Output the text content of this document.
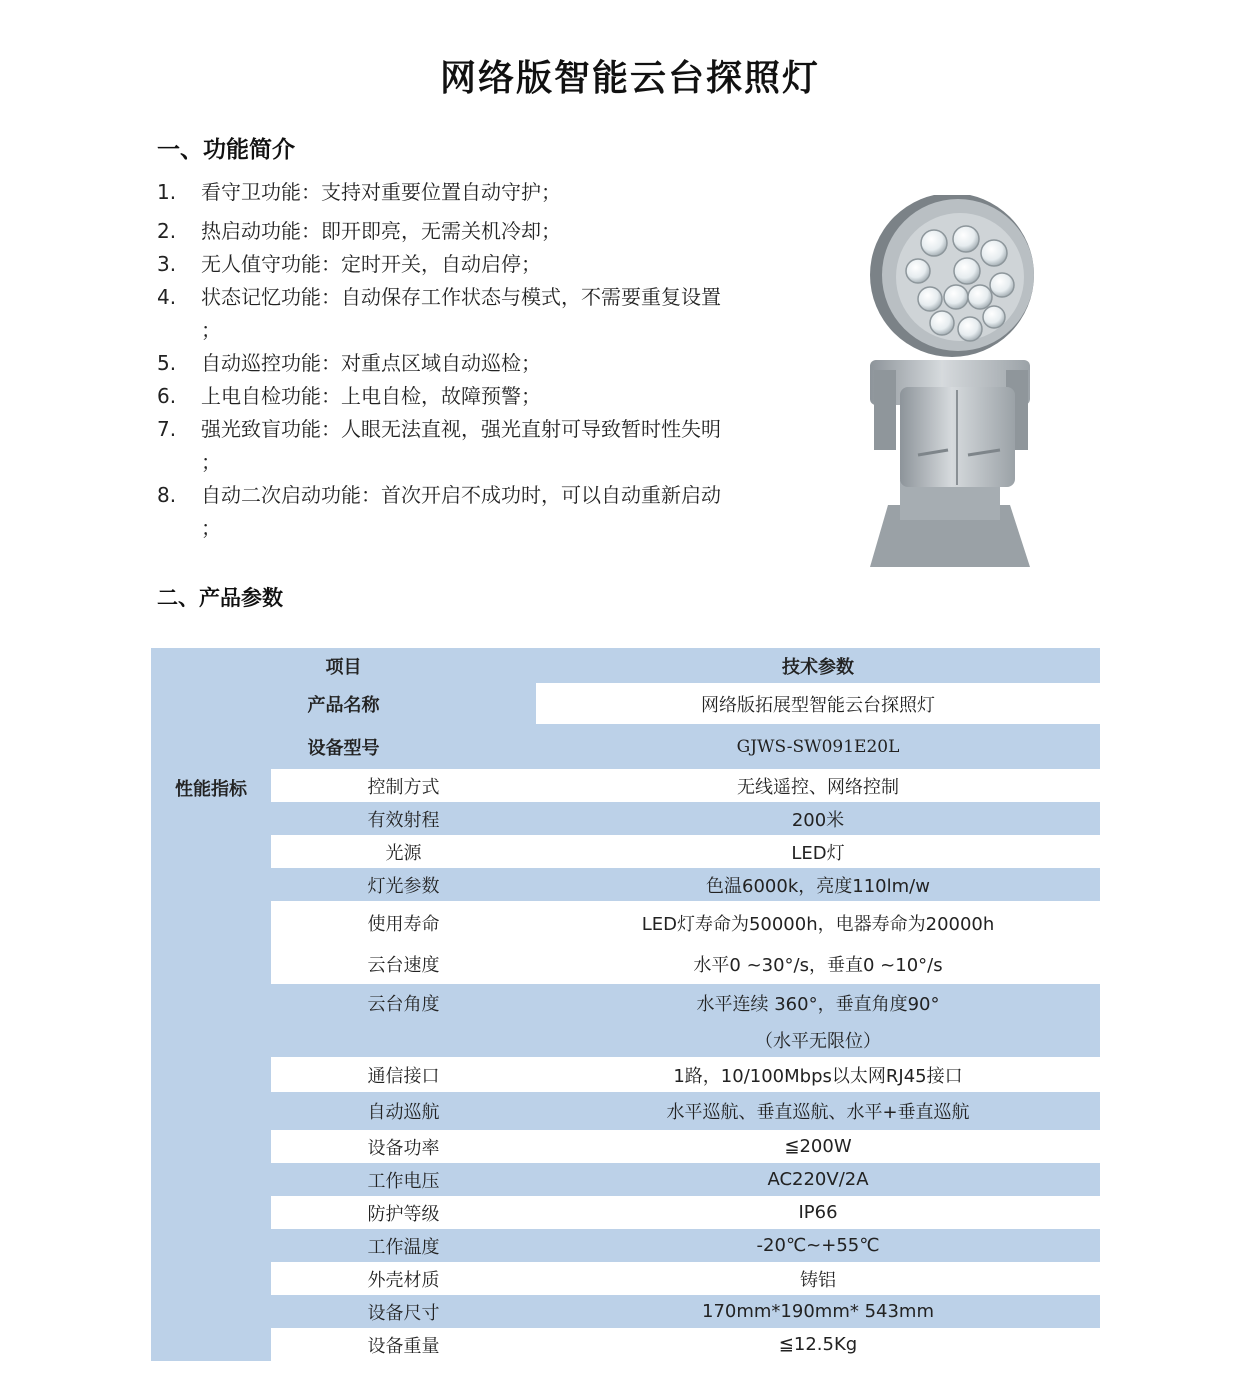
网络版智能云台探照灯
一、功能简介
1. 看守卫功能：支持对重要位置自动守护；
2. 热启动功能：即开即亮，无需关机冷却；
3. 无人值守功能：定时开关，自动启停；
4. 状态记忆功能：自动保存工作状态与模式，不需要重复设置
；
5. 自动巡控功能：对重点区域自动巡检；
6. 上电自检功能：上电自检，故障预警；
7. 强光致盲功能：人眼无法直视，强光直射可导致暂时性失明
；
8. 自动二次启动功能：首次开启不成功时，可以自动重新启动
；
二、产品参数
项目		技术参数
产品名称		网络版拓展型智能云台探照灯
设备型号		GJWS-SW091E20L
性能指标	控制方式	无线遥控、网络控制
	有效射程	200米
	光源	LED灯
	灯光参数	色温6000k，亮度110lm/w
	使用寿命	LED灯寿命为50000h，电器寿命为20000h
	云台速度	水平0 ~30°/s，垂直0 ~10°/s
	云台角度	水平连续 360°，垂直角度90°
		（水平无限位）
	通信接口	1路，10/100Mbps以太网RJ45接口
	自动巡航	水平巡航、垂直巡航、水平+垂直巡航
	设备功率	≦200W
	工作电压	AC220V/2A
	防护等级	IP66
	工作温度	-20℃~+55℃
	外壳材质	铸铝
	设备尺寸	170mm*190mm* 543mm
	设备重量	≦12.5Kg
